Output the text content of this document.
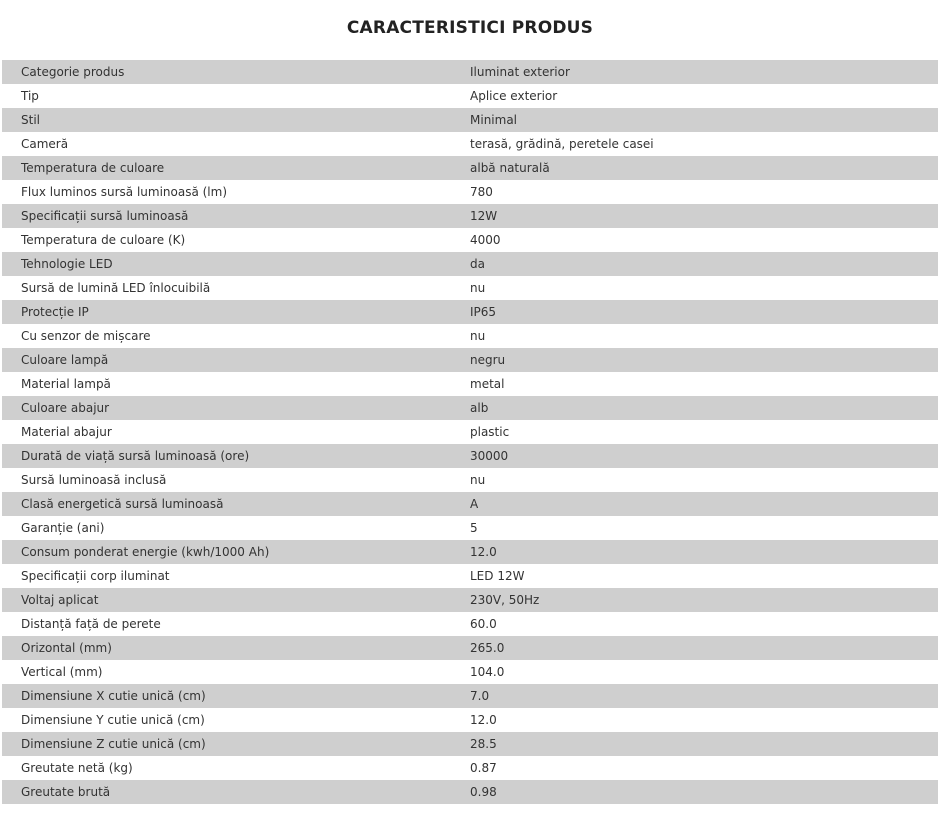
CARACTERISTICI PRODUS
Categorie produs	Iluminat exterior
Tip	Aplice exterior
Stil	Minimal
Cameră	terasă, grădină, peretele casei
Temperatura de culoare	albă naturală
Flux luminos sursă luminoasă (lm)	780
Specificații sursă luminoasă	12W
Temperatura de culoare (K)	4000
Tehnologie LED	da
Sursă de lumină LED înlocuibilă	nu
Protecție IP	IP65
Cu senzor de mișcare	nu
Culoare lampă	negru
Material lampă	metal
Culoare abajur	alb
Material abajur	plastic
Durată de viață sursă luminoasă (ore)	30000
Sursă luminoasă inclusă	nu
Clasă energetică sursă luminoasă	A
Garanție (ani)	5
Consum ponderat energie (kwh/1000 Ah)	12.0
Specificații corp iluminat	LED 12W
Voltaj aplicat	230V, 50Hz
Distanță față de perete	60.0
Orizontal (mm)	265.0
Vertical (mm)	104.0
Dimensiune X cutie unică (cm)	7.0
Dimensiune Y cutie unică (cm)	12.0
Dimensiune Z cutie unică (cm)	28.5
Greutate netă (kg)	0.87
Greutate brută	0.98
